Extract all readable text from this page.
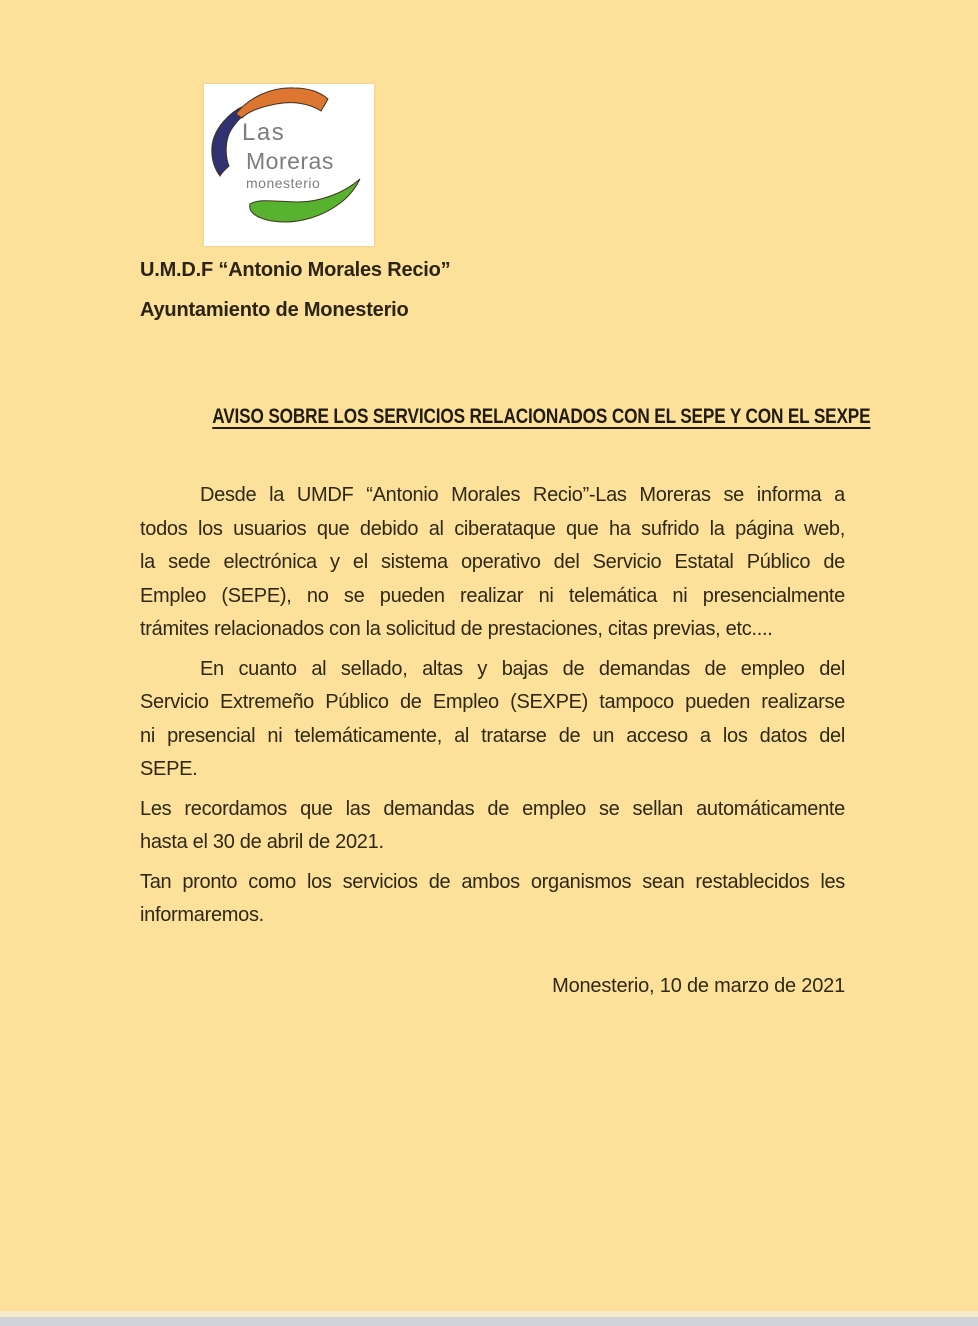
Las
Moreras
monesterio
U.M.D.F “Antonio Morales Recio”
Ayuntamiento de Monesterio
AVISO SOBRE LOS SERVICIOS RELACIONADOS CON EL SEPE Y CON EL SEXPE
Desde la UMDF “Antonio Morales Recio”-Las Moreras se informa a
todos los usuarios que debido al ciberataque que ha sufrido la página web,
la sede electrónica y el sistema operativo del Servicio Estatal Público de
Empleo (SEPE), no se pueden realizar ni telemática ni presencialmente
trámites relacionados con la solicitud de prestaciones, citas previas, etc....
En cuanto al sellado, altas y bajas de demandas de empleo del
Servicio Extremeño Público de Empleo (SEXPE) tampoco pueden realizarse
ni presencial ni telemáticamente, al tratarse de un acceso a los datos del
SEPE.
Les recordamos que las demandas de empleo se sellan automáticamente
hasta el 30 de abril de 2021.
Tan pronto como los servicios de ambos organismos sean restablecidos les
informaremos.
Monesterio, 10 de marzo de 2021
